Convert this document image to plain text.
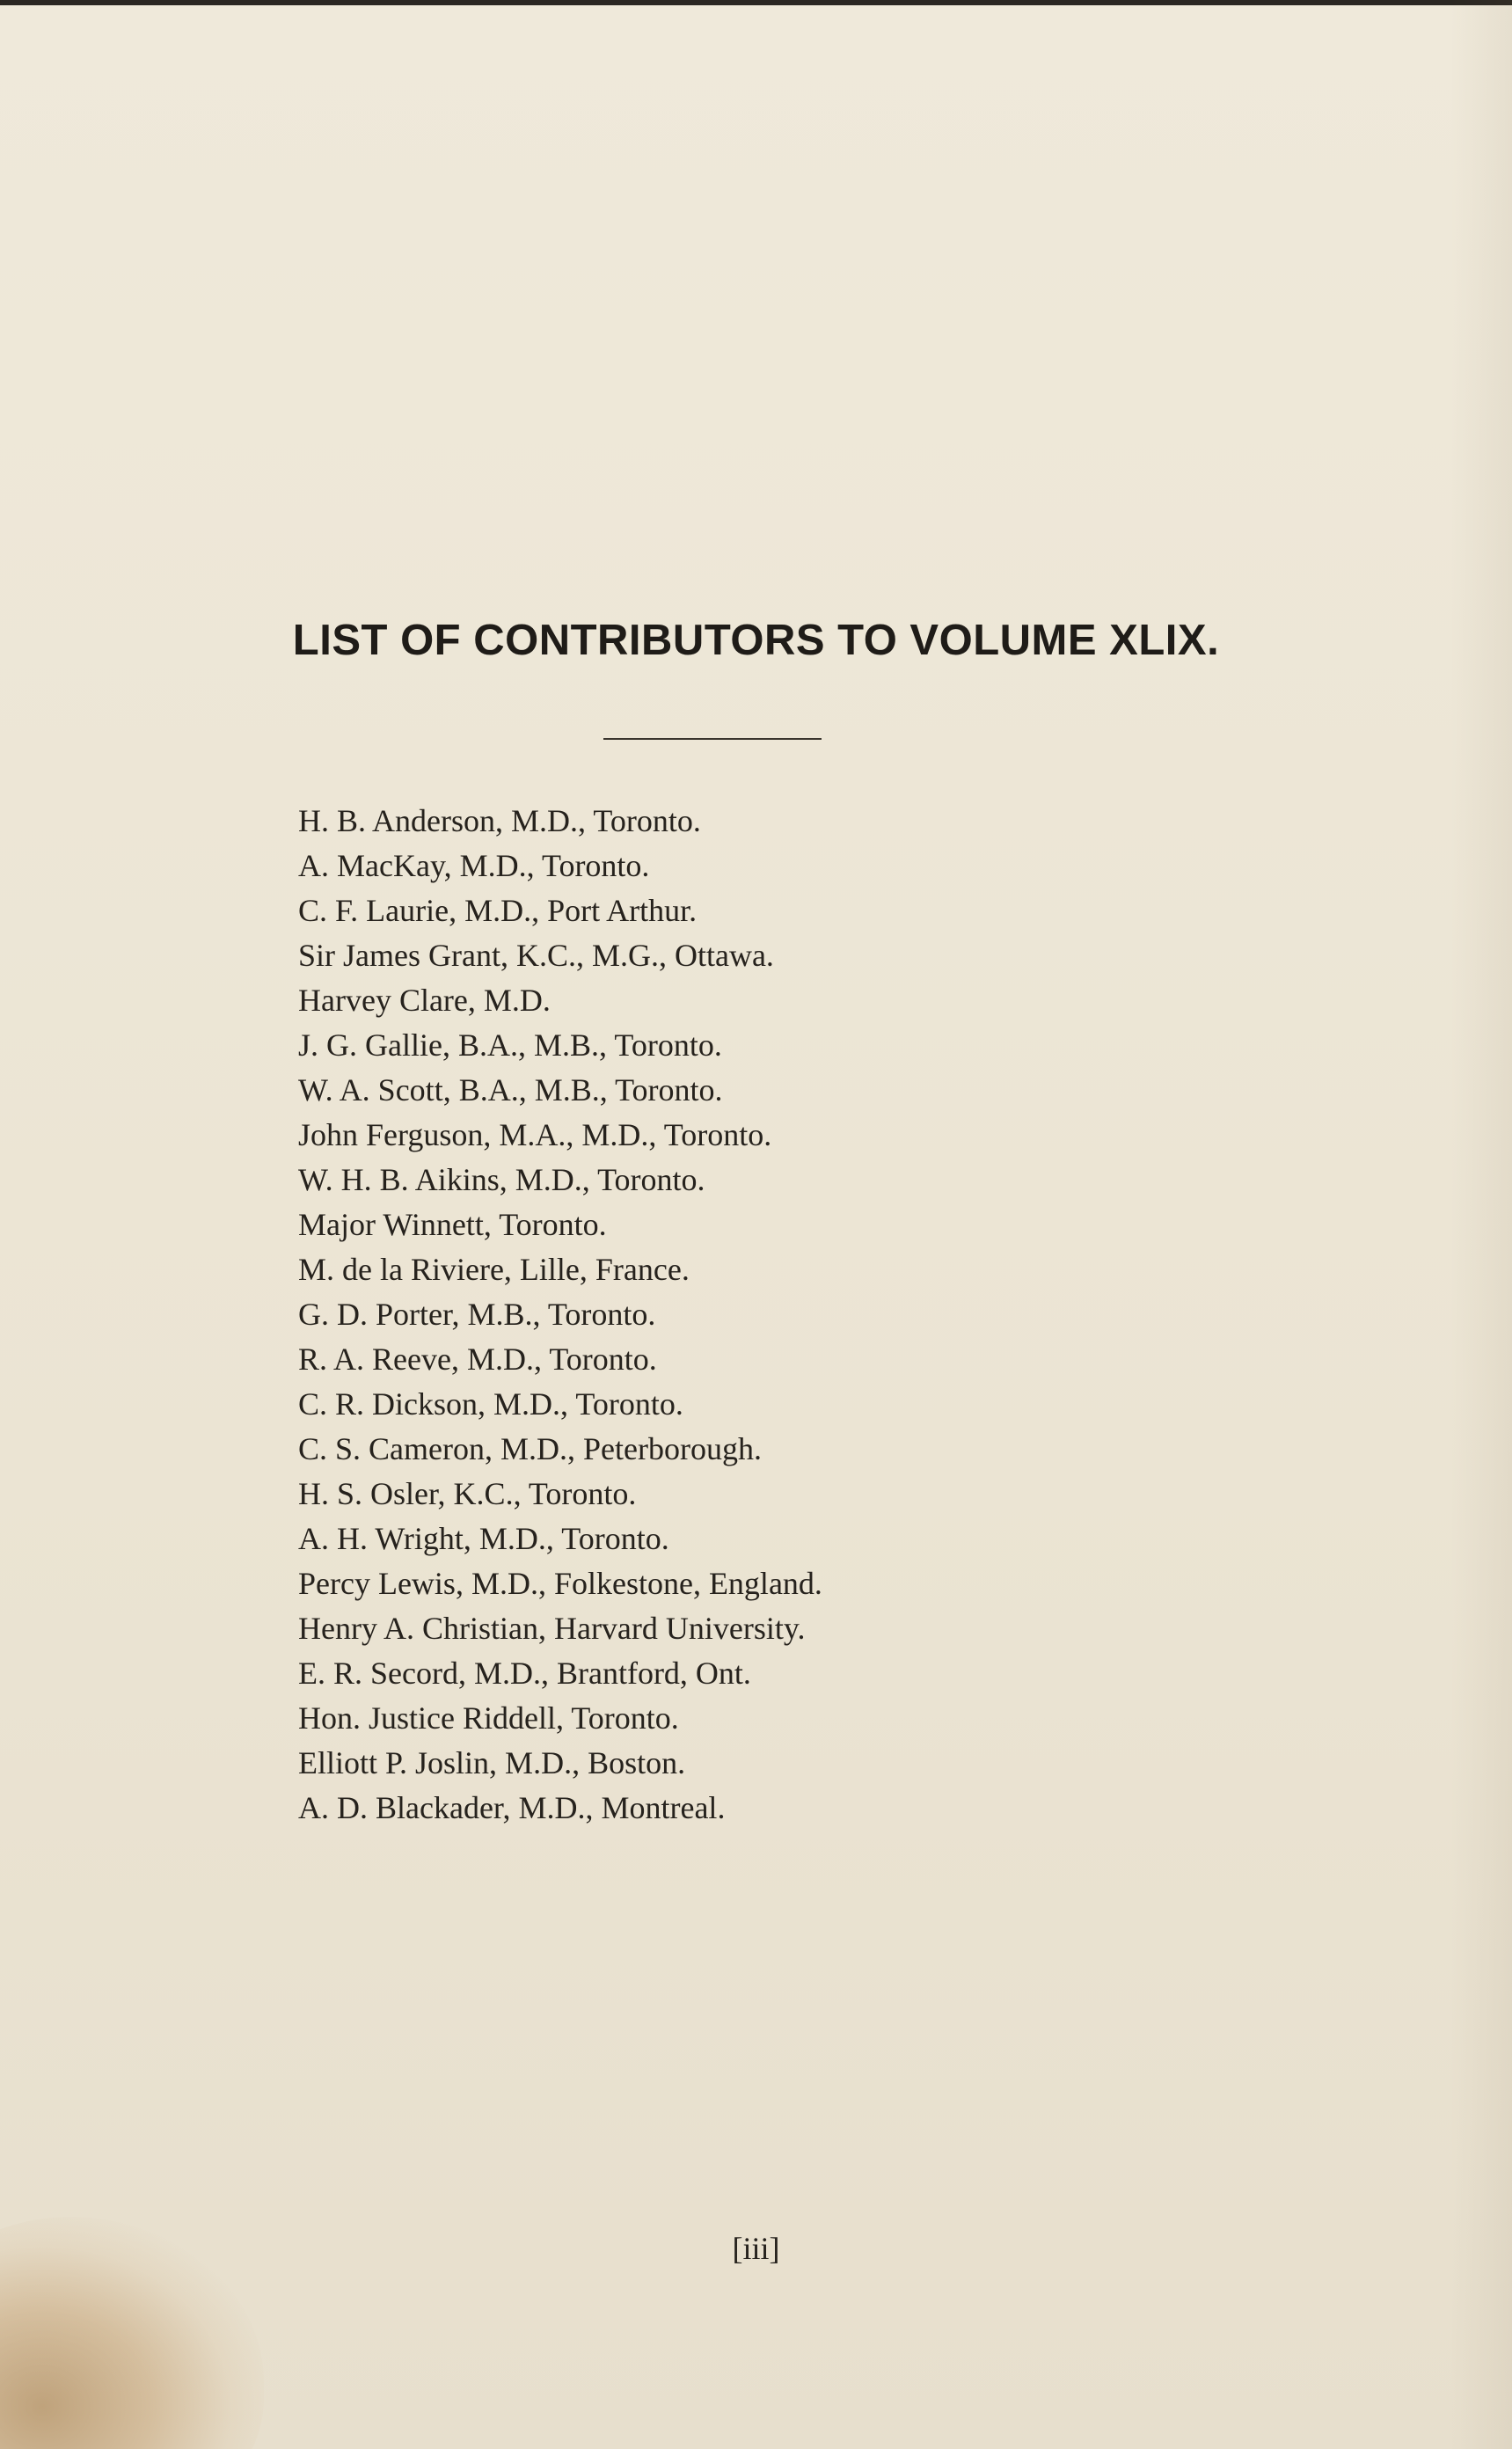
LIST OF CONTRIBUTORS TO VOLUME XLIX.
H. B. Anderson, M.D., Toronto.
A. MacKay, M.D., Toronto.
C. F. Laurie, M.D., Port Arthur.
Sir James Grant, K.C., M.G., Ottawa.
Harvey Clare, M.D.
J. G. Gallie, B.A., M.B., Toronto.
W. A. Scott, B.A., M.B., Toronto.
John Ferguson, M.A., M.D., Toronto.
W. H. B. Aikins, M.D., Toronto.
Major Winnett, Toronto.
M. de la Riviere, Lille, France.
G. D. Porter, M.B., Toronto.
R. A. Reeve, M.D., Toronto.
C. R. Dickson, M.D., Toronto.
C. S. Cameron, M.D., Peterborough.
H. S. Osler, K.C., Toronto.
A. H. Wright, M.D., Toronto.
Percy Lewis, M.D., Folkestone, England.
Henry A. Christian, Harvard University.
E. R. Secord, M.D., Brantford, Ont.
Hon. Justice Riddell, Toronto.
Elliott P. Joslin, M.D., Boston.
A. D. Blackader, M.D., Montreal.
[iii]
